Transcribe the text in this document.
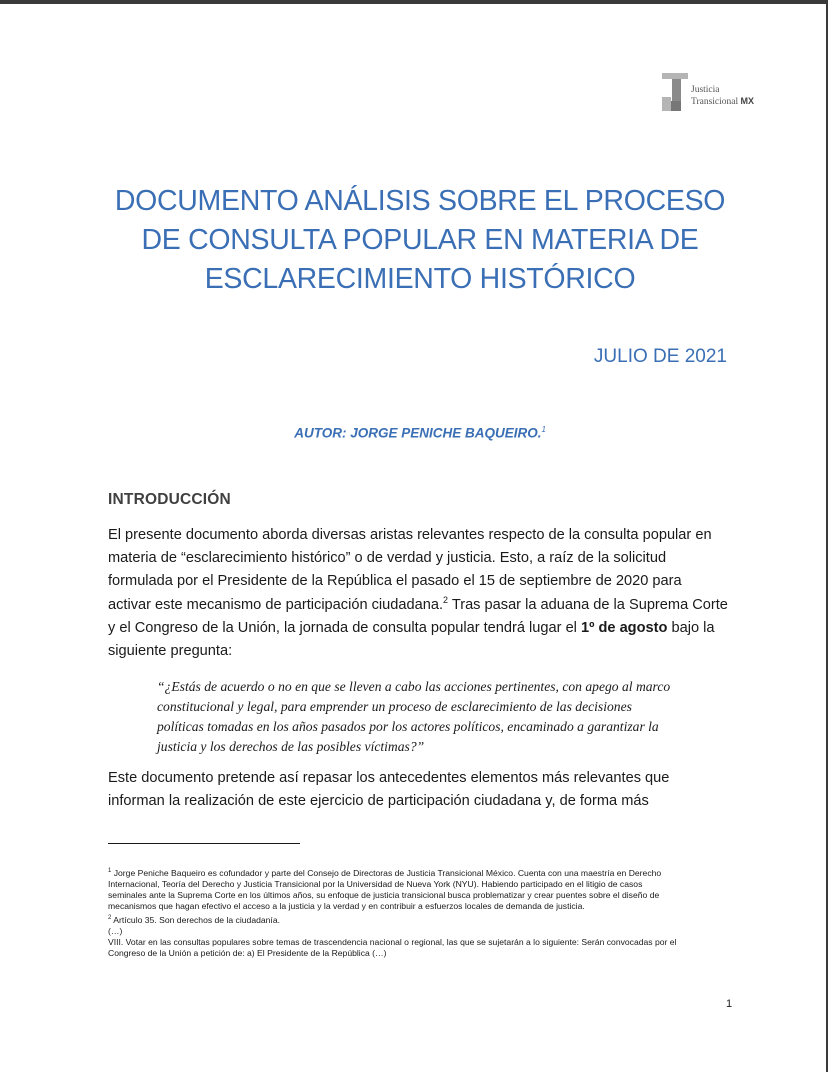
Justicia
Transicional MX
DOCUMENTO ANÁLISIS SOBRE EL PROCESO
DE CONSULTA POPULAR EN MATERIA DE
ESCLARECIMIENTO HISTÓRICO
JULIO DE 2021
AUTOR: JORGE PENICHE BAQUEIRO.$^1$
INTRODUCCIÓN
El presente documento aborda diversas aristas relevantes respecto de la consulta popular en
materia de “esclarecimiento histórico” o de verdad y justicia. Esto, a raíz de la solicitud
formulada por el Presidente de la República el pasado el 15 de septiembre de 2020 para
activar este mecanismo de participación ciudadana.$^2$ Tras pasar la aduana de la Suprema Corte
y el Congreso de la Unión, la jornada de consulta popular tendrá lugar el 1º de agosto bajo la
siguiente pregunta:
“¿Estás de acuerdo o no en que se lleven a cabo las acciones pertinentes, con apego al marco
constitucional y legal, para emprender un proceso de esclarecimiento de las decisiones
políticas tomadas en los años pasados por los actores políticos, encaminado a garantizar la
justicia y los derechos de las posibles víctimas?”
Este documento pretende así repasar los antecedentes elementos más relevantes que
informan la realización de este ejercicio de participación ciudadana y, de forma más
$^1$ Jorge Peniche Baqueiro es cofundador y parte del Consejo de Directoras de Justicia Transicional México. Cuenta con una maestría en Derecho
Internacional, Teoría del Derecho y Justicia Transicional por la Universidad de Nueva York (NYU). Habiendo participado en el litigio de casos
seminales ante la Suprema Corte en los últimos años, su enfoque de justicia transicional busca problematizar y crear puentes sobre el diseño de
mecanismos que hagan efectivo el acceso a la justicia y la verdad y en contribuir a esfuerzos locales de demanda de justicia.
$^2$ Artículo 35. Son derechos de la ciudadanía.
(…)
VIII. Votar en las consultas populares sobre temas de trascendencia nacional o regional, las que se sujetarán a lo siguiente: Serán convocadas por el
Congreso de la Unión a petición de: a) El Presidente de la República (…)
1
